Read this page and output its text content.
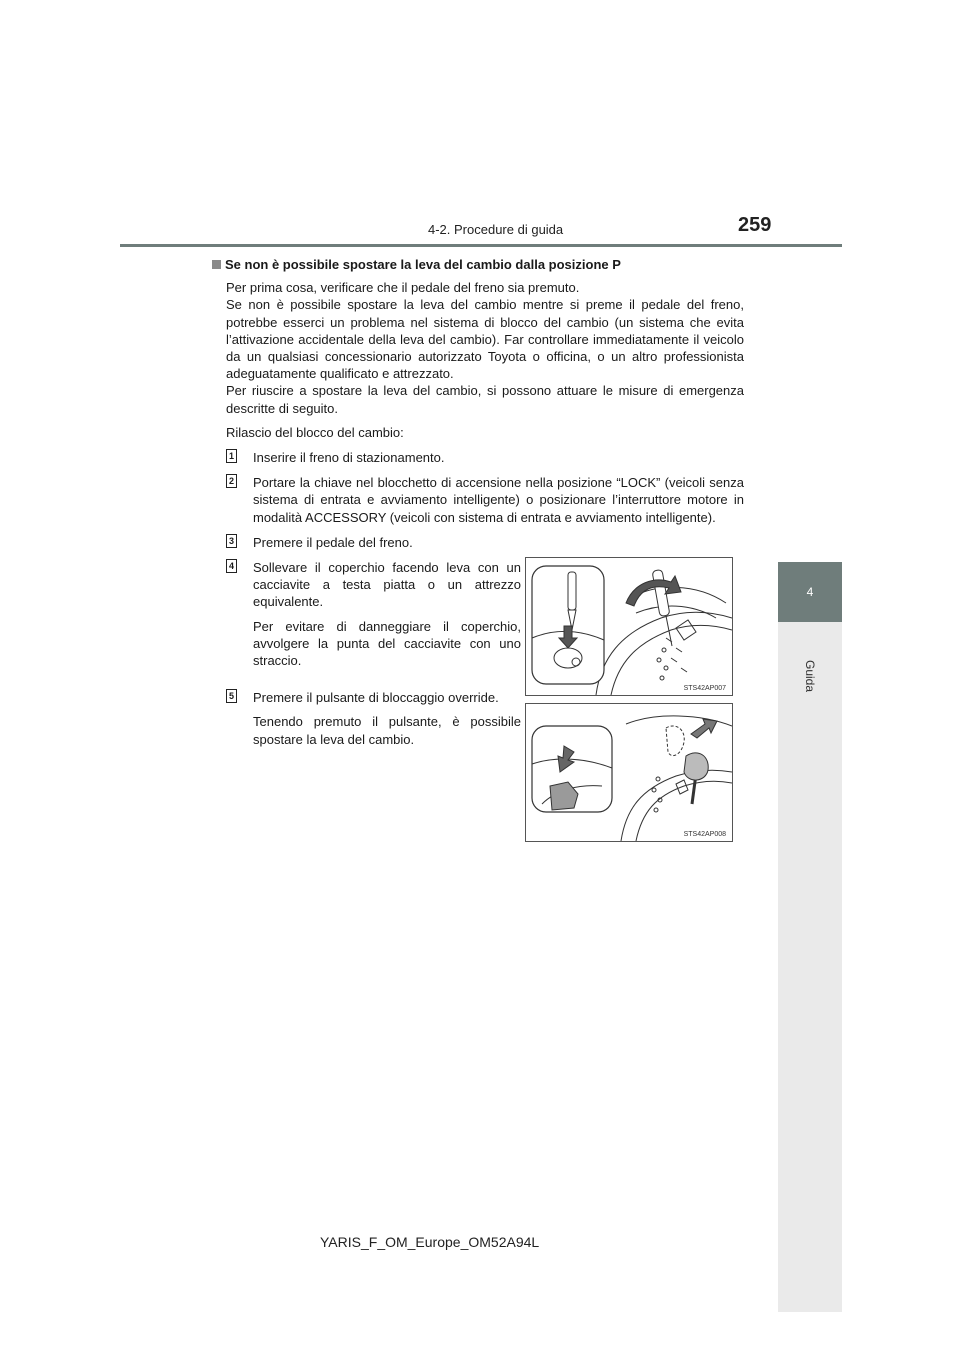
4-2. Procedure di guida	259
4
Guida

Se non è possibile spostare la leva del cambio dalla posizione P

Per prima cosa, verificare che il pedale del freno sia premuto.

Se non è possibile spostare la leva del cambio mentre si preme il pedale del freno, potrebbe esserci un problema nel sistema di blocco del cambio (un sistema che evita l’attivazione accidentale della leva del cambio). Far controllare immediatamente il veicolo da un qualsiasi concessionario autorizzato Toyota o officina, o un altro professionista adeguatamente qualificato e attrezzato.

Per riuscire a spostare la leva del cambio, si possono attuare le misure di emergenza descritte di seguito.

Rilascio del blocco del cambio:

1 Inserire il freno di stazionamento.

2 Portare la chiave nel blocchetto di accensione nella posizione “LOCK” (veicoli senza sistema di entrata e avviamento intelligente) o posizionare l’interruttore motore in modalità ACCESSORY (veicoli con sistema di entrata e avviamento intelligente).

3 Premere il pedale del freno.

4 Sollevare il coperchio facendo leva con un cacciavite a testa piatta o un attrezzo equivalente.

Per evitare di danneggiare il coperchio, avvolgere la punta del cacciavite con uno straccio.

5 Premere il pulsante di bloccaggio override.

Tenendo premuto il pulsante, è possibile spostare la leva del cambio.

STS42AP007
STS42AP008
YARIS_F_OM_Europe_OM52A94L
